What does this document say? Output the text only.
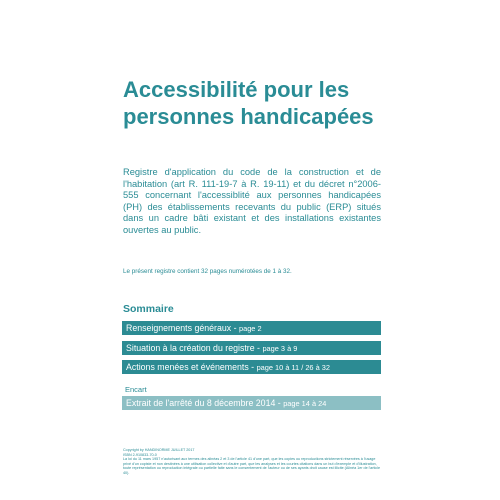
Accessibilité pour les
personnes handicapées

Registre d'application du code de la construction et de l'habitation (art R. 111-19-7 à R. 19-11) et du décret n°2006-555 concernant l'accessiblité aux personnes handicapées (PH) des établissements recevants du public (ERP) situés dans un cadre bâti existant et des installations existantes ouvertes au public.

Le présent registre contient 32 pages numérotées de 1 à 32.

Sommaire
Renseignements généraux - page 2
Situation à la création du registre - page 3 à 9
Actions menées et événements - page 10 à 11 / 26 à 32

Encart

Extrait de l'arrêté du 8 décembre 2014 - page 14 à 24

Copyright by HANDINORME JUILLET 2017
ISBN 2-910833-70-0
La loi du 11 mars 1957 n'autorisant aux termes des alinéas 2 et 3 de l'article 41 d'une part, que les copies ou reproductions strictement réservées à l'usage privé d'un copiste et non destinées à une utilisation collective et d'autre part, que les analyses et les courtes citations dans un but d'exemple et d'illustration, toute représentation ou reproduction intégrale ou partielle faite sans le consentement de l'auteur ou de ses ayants droit cause est illicite (Alinéa 1er de l'article 40).
